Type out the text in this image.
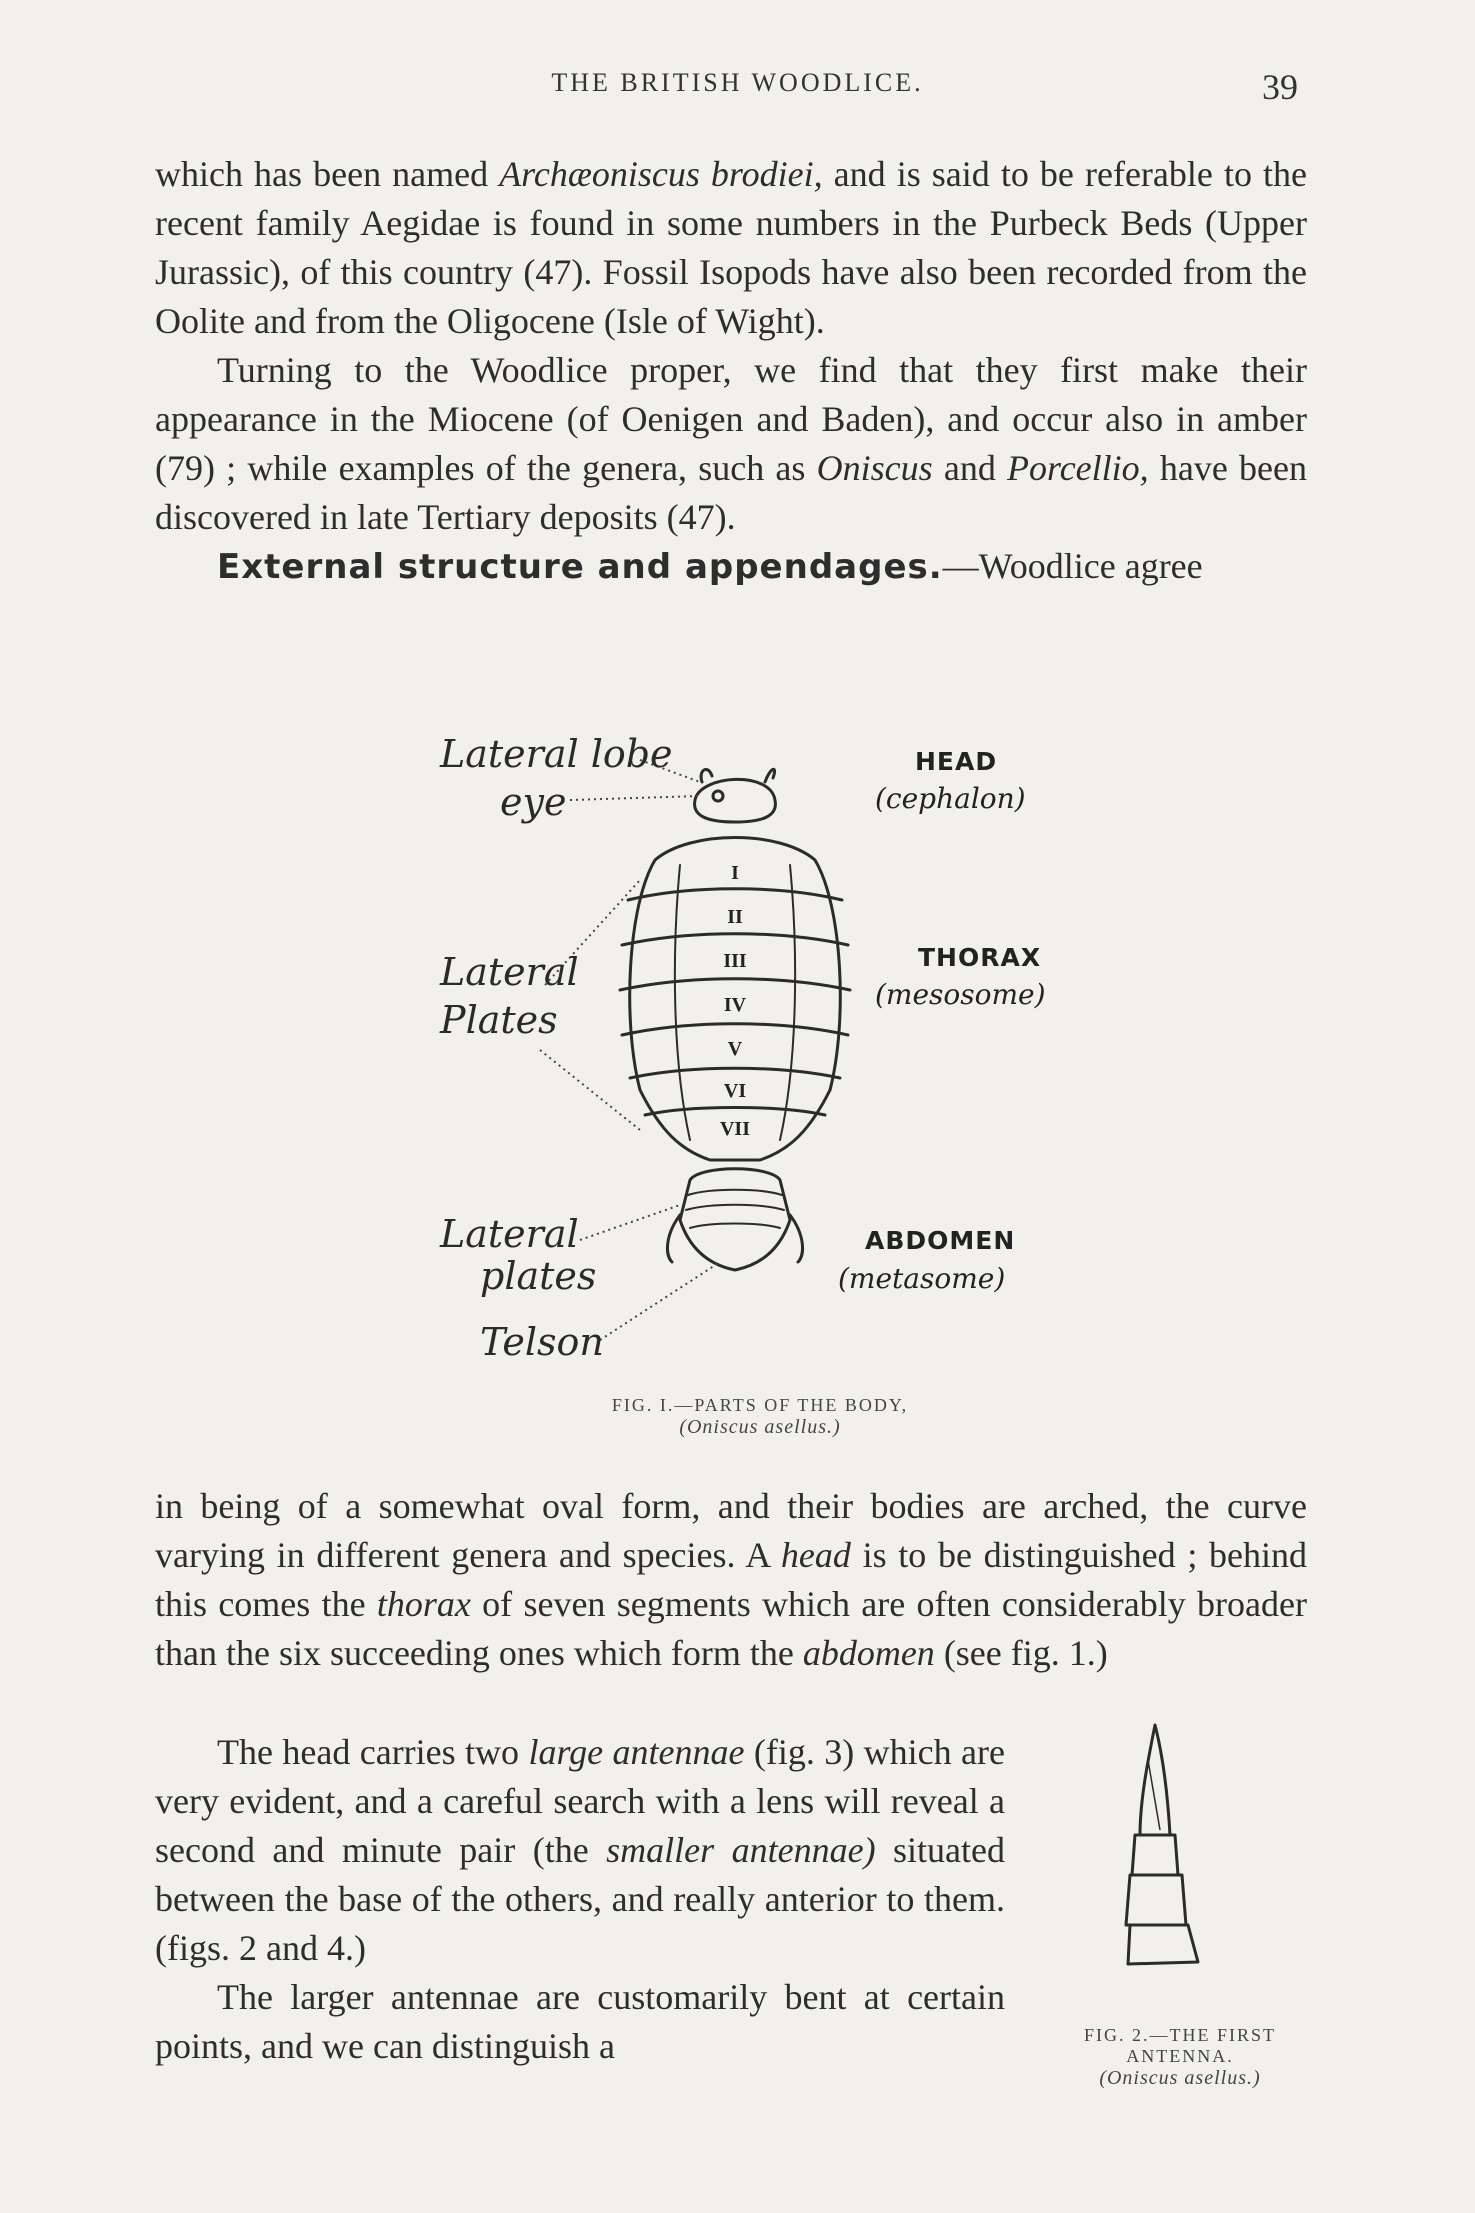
THE BRITISH WOODLICE.	39

which has been named Archæoniscus brodiei, and is said to be referable to the recent family Aegidae is found in some numbers in the Purbeck Beds (Upper Jurassic), of this country (47). Fossil Isopods have also been recorded from the Oolite and from the Oligocene (Isle of Wight).

Turning to the Woodlice proper, we find that they first make their appearance in the Miocene (of Oenigen and Baden), and occur also in amber (79) ; while examples of the genera, such as Oniscus and Porcellio, have been discovered in late Tertiary deposits (47).

External structure and appendages.—Woodlice agree

I
II
III
IV
V
VI
VII
Lateral lobe
eye
Lateral
Plates
Lateral
plates
Telson
HEAD
(cephalon)
THORAX
(mesosome)
ABDOMEN
(metasome)
FIG. I.—PARTS OF THE BODY,
(Oniscus asellus.)

in being of a somewhat oval form, and their bodies are arched, the curve varying in different genera and species. A head is to be distinguished ; behind this comes the thorax of seven segments which are often considerably broader than the six succeeding ones which form the abdomen (see fig. 1.)

The head carries two large antennae (fig. 3) which are very evident, and a careful search with a lens will reveal a second and minute pair (the smaller antennae) situated between the base of the others, and really anterior to them. (figs. 2 and 4.)

The larger antennae are customarily bent at certain points, and we can distinguish a	FIG. 2.—THE FIRST
ANTENNA.
(Oniscus asellus.)
